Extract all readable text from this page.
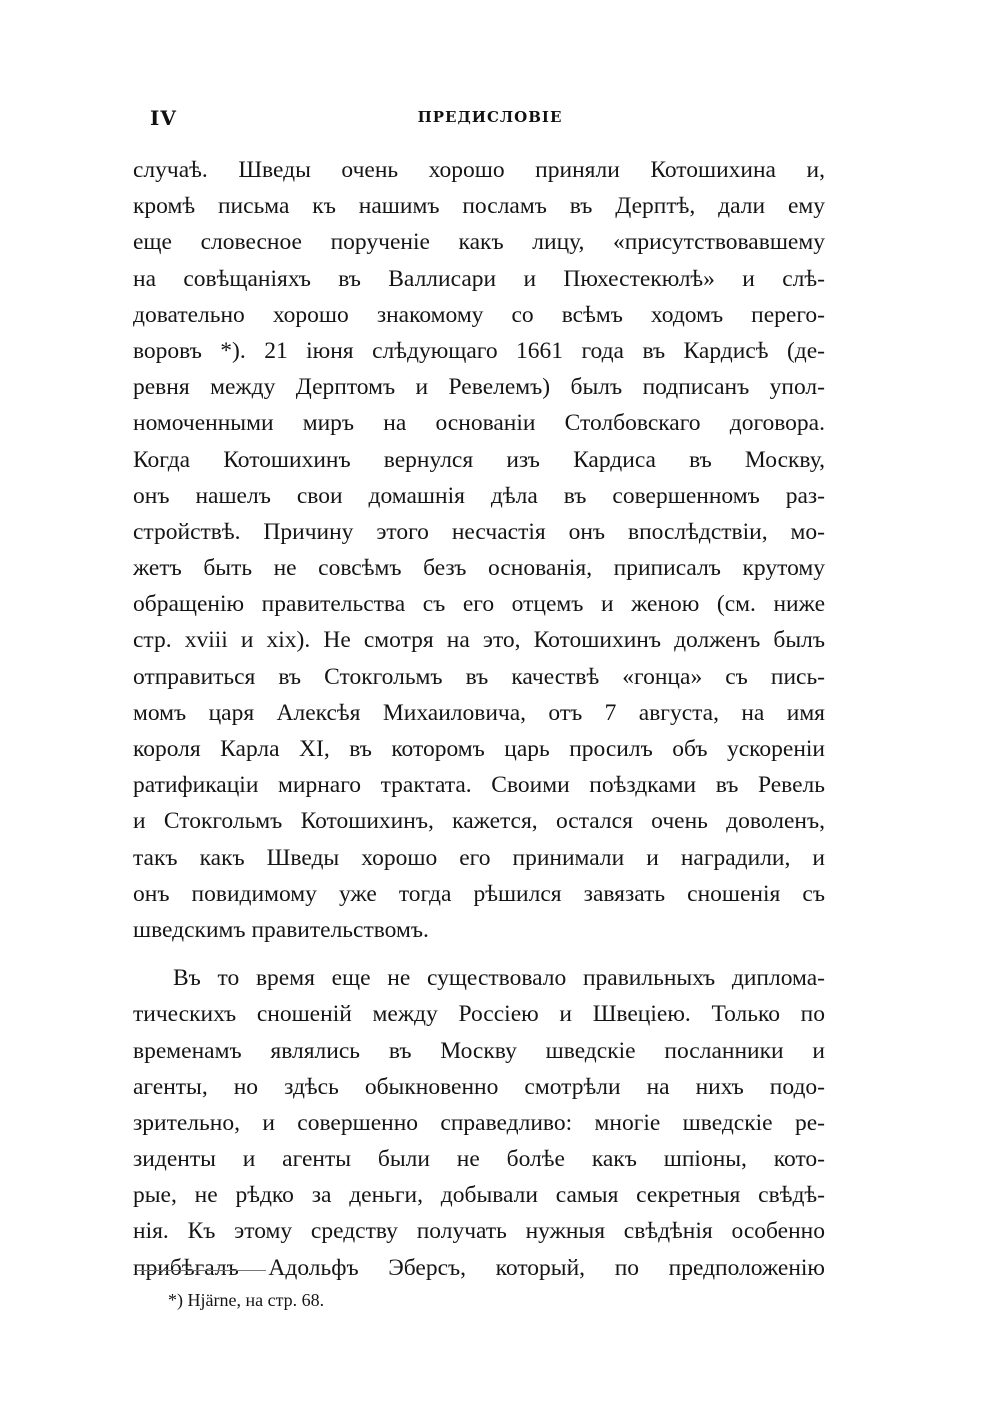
IV	ПРЕДИСЛОВІЕ
случаѣ. Шведы очень хорошо приняли Котошихина и,
кромѣ письма къ нашимъ посламъ въ Дерптѣ, дали ему
еще словесное порученіе какъ лицу, «присутствовавшему
на совѣщаніяхъ въ Валлисари и Пюхестекюлѣ» и слѣ-
довательно хорошо знакомому со всѣмъ ходомъ перего-
воровъ *). 21 іюня слѣдующаго 1661 года въ Кардисѣ (де-
ревня между Дерптомъ и Ревелемъ) былъ подписанъ упол-
номоченными миръ на основаніи Столбовскаго договора.
Когда Котошихинъ вернулся изъ Кардиса въ Москву,
онъ нашелъ свои домашнія дѣла въ совершенномъ раз-
стройствѣ. Причину этого несчастія онъ впослѣдствіи, мо-
жетъ быть не совсѣмъ безъ основанія, приписалъ крутому
обращенію правительства съ его отцемъ и женою (см. ниже
стр. xviii и xix). Не смотря на это, Котошихинъ долженъ былъ
отправиться въ Стокгольмъ въ качествѣ «гонца» съ пись-
момъ царя Алексѣя Михаиловича, отъ 7 августа, на имя
короля Карла XI, въ которомъ царь просилъ объ ускореніи
ратификаціи мирнаго трактата. Своими поѣздками въ Ревель
и Стокгольмъ Котошихинъ, кажется, остался очень доволенъ,
такъ какъ Шведы хорошо его принимали и наградили, и
онъ повидимому уже тогда рѣшился завязать сношенія съ
шведскимъ правительствомъ.
Въ то время еще не существовало правильныхъ диплома-
тическихъ сношеній между Россіею и Швеціею. Только по
временамъ являлись въ Москву шведскіе посланники и
агенты, но здѣсь обыкновенно смотрѣли на нихъ подо-
зрительно, и совершенно справедливо: многіе шведскіе ре-
зиденты и агенты были не болѣе какъ шпіоны, кото-
рые, не рѣдко за деньги, добывали самыя секретныя свѣдѣ-
нія. Къ этому средству получать нужныя свѣдѣнія особенно
прибѣгалъ Адольфъ Эберсъ, который, по предположенію
*) Hjärne, на стр. 68.
